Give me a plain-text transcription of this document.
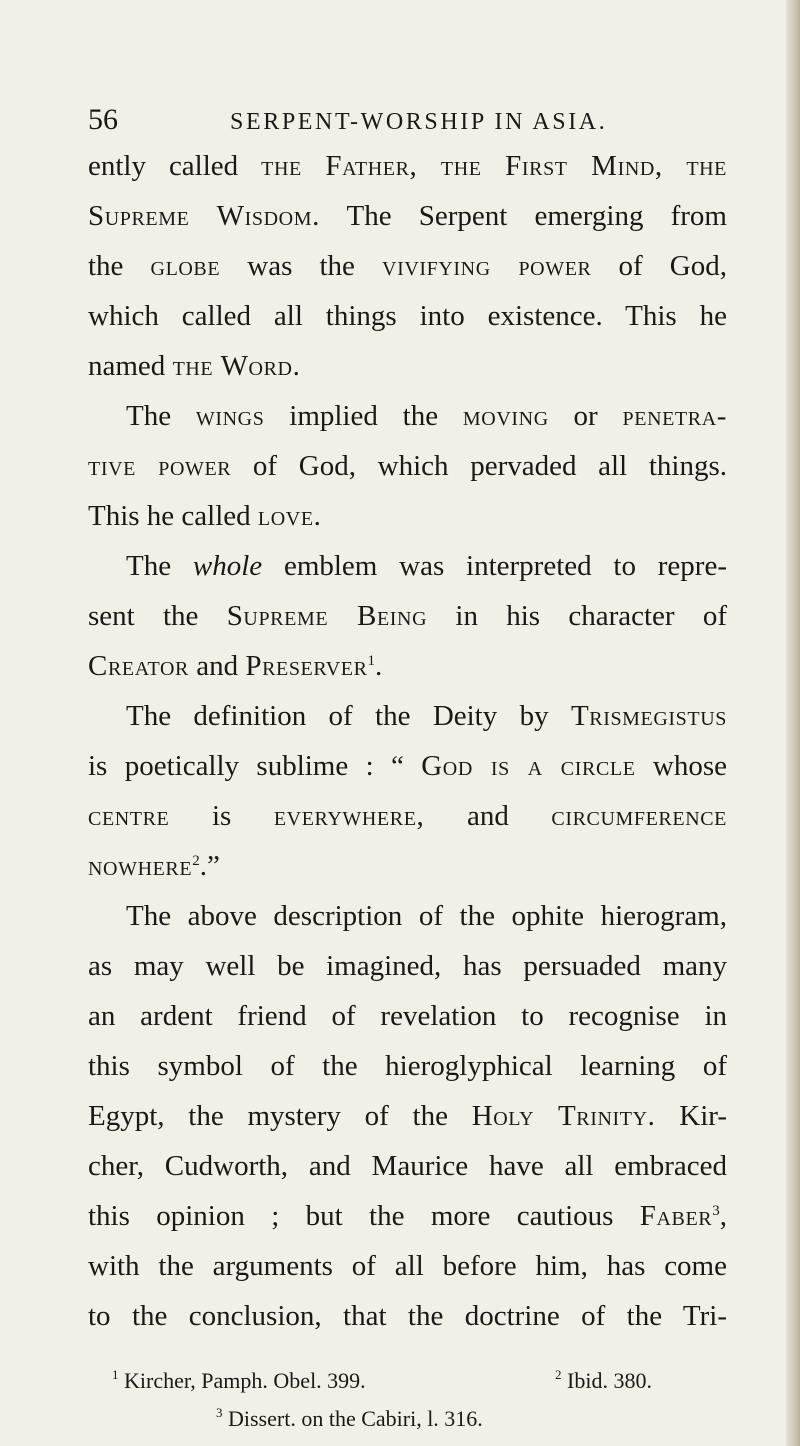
56	SERPENT-WORSHIP IN ASIA.
ently called the Father, the First Mind, the
Supreme Wisdom. The Serpent emerging from
the globe was the vivifying power of God,
which called all things into existence. This he
named the Word.
The wings implied the moving or penetra-
tive power of God, which pervaded all things.
This he called love.
The whole emblem was interpreted to repre-
sent the Supreme Being in his character of
Creator and Preserver$^1$.
The definition of the Deity by Trismegistus
is poetically sublime : “ God is a circle whose
centre is everywhere, and circumference
nowhere$^2$.”
The above description of the ophite hierogram,
as may well be imagined, has persuaded many
an ardent friend of revelation to recognise in
this symbol of the hieroglyphical learning of
Egypt, the mystery of the Holy Trinity. Kir-
cher, Cudworth, and Maurice have all embraced
this opinion ; but the more cautious Faber$^3$,
with the arguments of all before him, has come
to the conclusion, that the doctrine of the Tri-
$^1$ Kircher, Pamph. Obel. 399.	$^2$ Ibid. 380.
$^3$ Dissert. on the Cabiri, l. 316.
